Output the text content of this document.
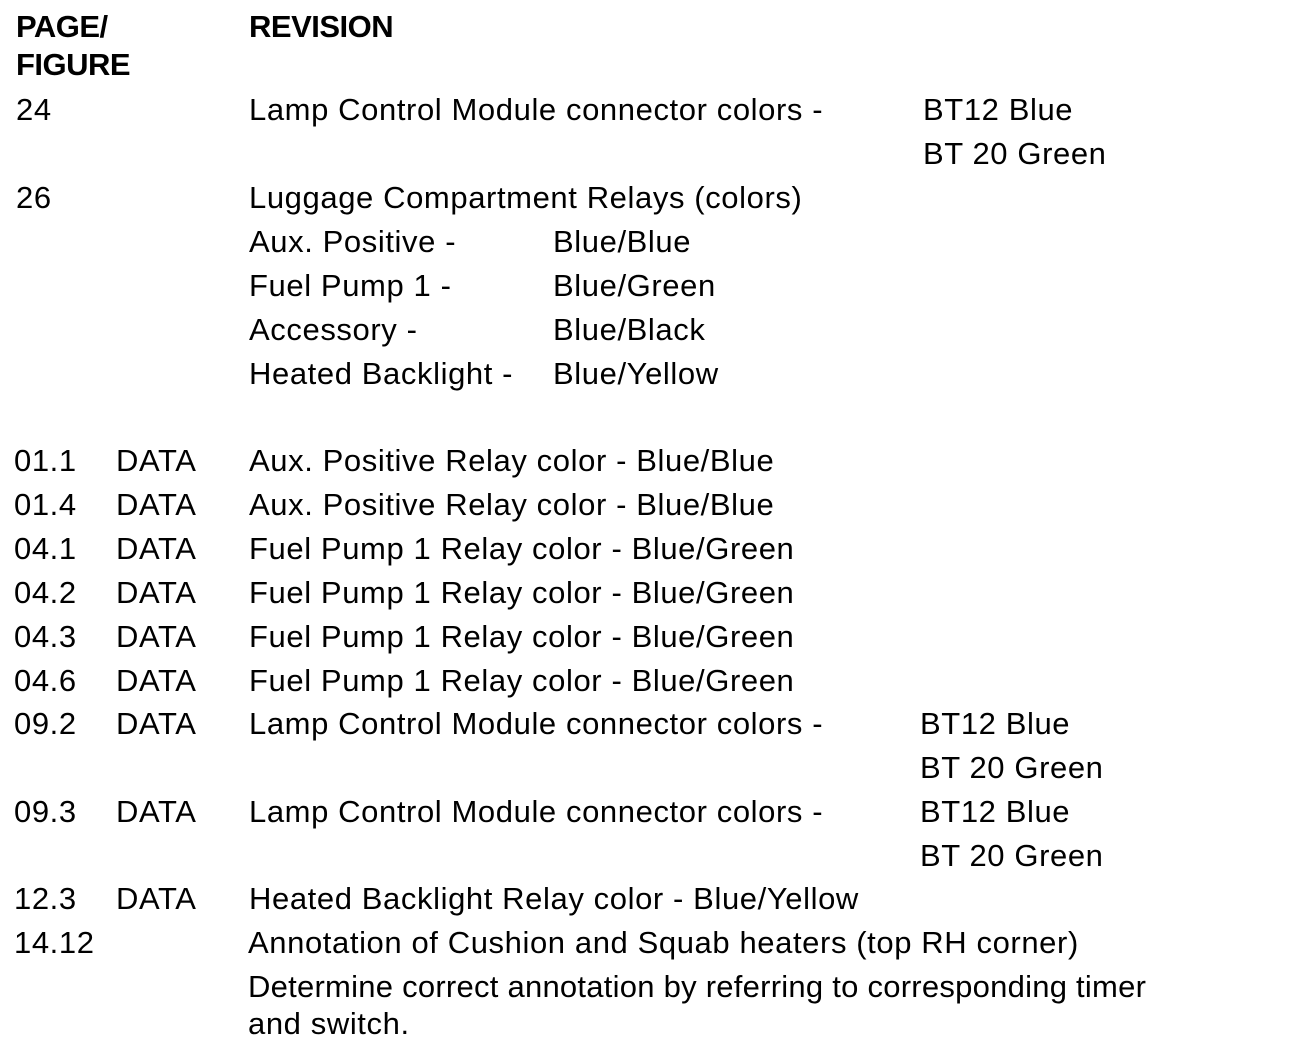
PAGE/
FIGURE
REVISION
24	Lamp Control Module connector colors -	BT12 Blue
BT 20 Green
26	Luggage Compartment Relays (colors)
Aux. Positive -	Blue/Blue
Fuel Pump 1 -	Blue/Green
Accessory -	Blue/Black
Heated Backlight - Blue/Yellow
01.1 DATA Aux. Positive Relay color - Blue/Blue
01.4 DATA Aux. Positive Relay color - Blue/Blue
04.1 DATA Fuel Pump 1 Relay color - Blue/Green
04.2 DATA Fuel Pump 1 Relay color - Blue/Green
04.3 DATA Fuel Pump 1 Relay color - Blue/Green
04.6 DATA Fuel Pump 1 Relay color - Blue/Green
09.2 DATA Lamp Control Module connector colors -	BT12 Blue
BT 20 Green
09.3 DATA Lamp Control Module connector colors -	BT12 Blue
BT 20 Green
12.3 DATA Heated Backlight Relay color - Blue/Yellow
14.12	Annotation of Cushion and Squab heaters (top RH corner)
Determine correct annotation by referring to corresponding timer
and switch.
